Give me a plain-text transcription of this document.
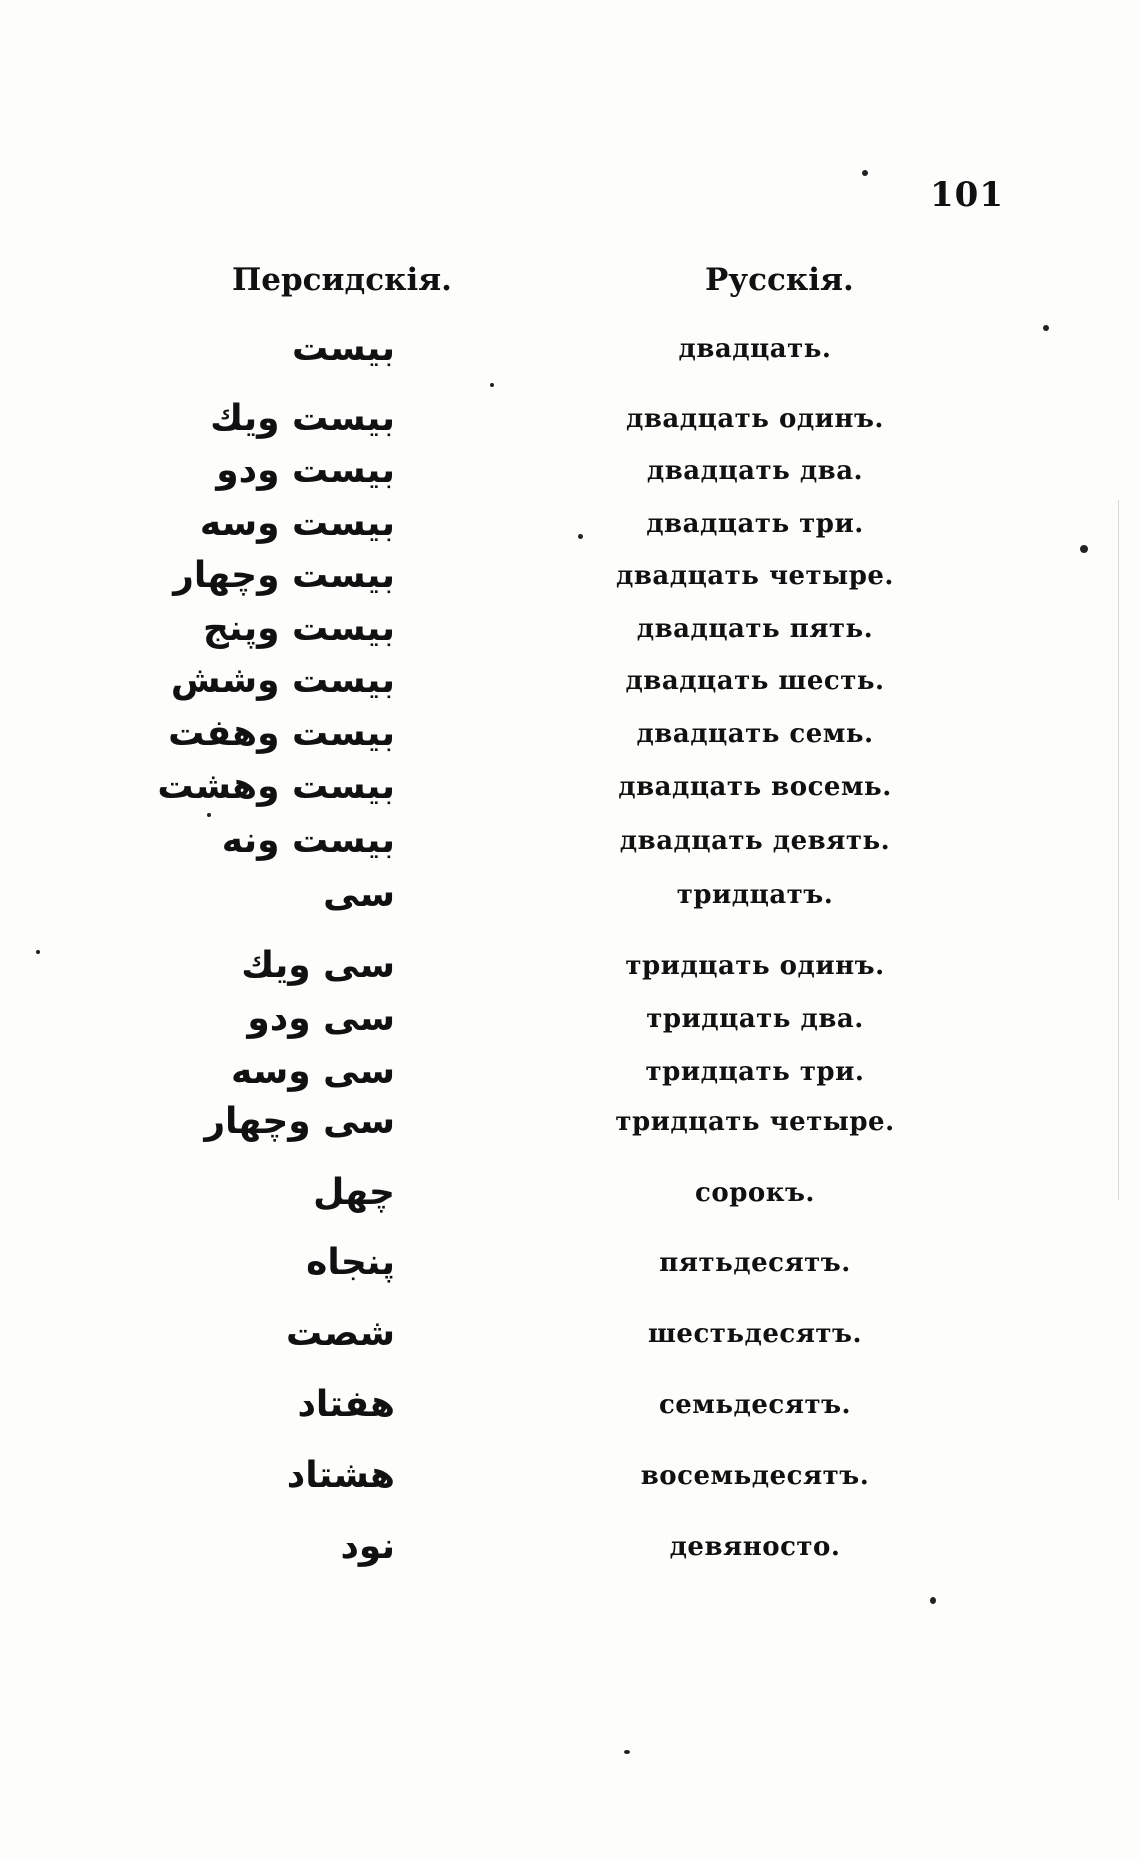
101
Персидскія.	Русскія.
بیست	двадцать.
بیست ویك	двадцать одинъ.
بیست ودو	двадцать два.
بیست وسه	двадцать три.
بیست وچهار	двадцать четыре.
بیست وپنج	двадцать пять.
بیست وشش	двадцать шесть.
بیست وهفت	двадцать семь.
بیست وهشت	двадцать восемь.
بیست ونه	двадцать девять.
سی	тридцатъ.
سی ویك	тридцать одинъ.
سی ودو	тридцать два.
سی وسه	тридцать три.
سی وچهار	тридцать четыре.
چهل	сорокъ.
پنجاه	пятьдесятъ.
شصت	шестьдесятъ.
هفتاد	семьдесятъ.
هشتاد	восемьдесятъ.
نود	девяносто.
